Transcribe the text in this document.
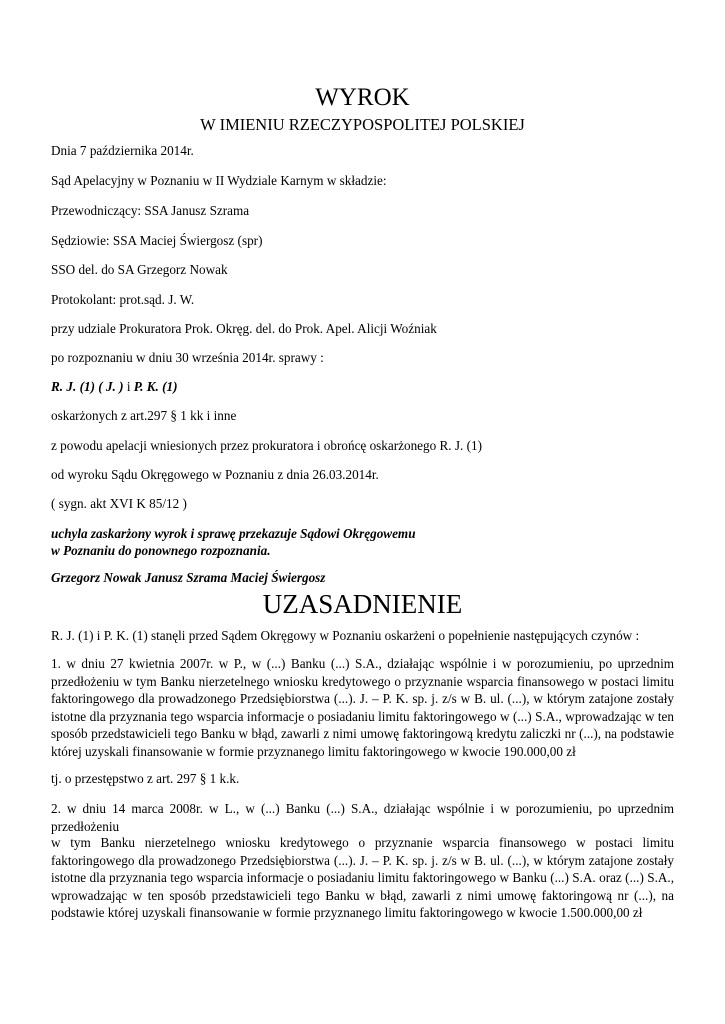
WYROK
W IMIENIU RZECZYPOSPOLITEJ POLSKIEJ
Dnia 7 października 2014r.
Sąd Apelacyjny w Poznaniu w II Wydziale Karnym w składzie:
Przewodniczący: SSA Janusz Szrama
Sędziowie: SSA Maciej Świergosz (spr)
SSO del. do SA Grzegorz Nowak
Protokolant: prot.sąd. J. W.
przy udziale Prokuratora Prok. Okręg. del. do Prok. Apel. Alicji Woźniak
po rozpoznaniu w dniu 30 września 2014r. sprawy :
R. J. (1) ( J. ) i P. K. (1)
oskarżonych z art.297 § 1 kk i inne
z powodu apelacji wniesionych przez prokuratora i obrońcę oskarżonego R. J. (1)
od wyroku Sądu Okręgowego w Poznaniu z dnia 26.03.2014r.
( sygn. akt XVI K 85/12 )
uchyla zaskarżony wyrok i sprawę przekazuje Sądowi Okręgowemu
w Poznaniu do ponownego rozpoznania.
Grzegorz Nowak Janusz Szrama Maciej Świergosz
UZASADNIENIE
R. J. (1) i P. K. (1) stanęli przed Sądem Okręgowy w Poznaniu oskarżeni o popełnienie następujących czynów :
1. w dniu 27 kwietnia 2007r. w P., w (...) Banku (...) S.A., działając wspólnie i w porozumieniu, po uprzednim przedłożeniu w tym Banku nierzetelnego wniosku kredytowego o przyznanie wsparcia finansowego w postaci limitu faktoringowego dla prowadzonego Przedsiębiorstwa (...). J. – P. K. sp. j. z/s w B. ul. (...), w którym zatajone zostały istotne dla przyznania tego wsparcia informacje o posiadaniu limitu faktoringowego w (...) S.A., wprowadzając w ten sposób przedstawicieli tego Banku w błąd, zawarli z nimi umowę faktoringową kredytu zaliczki nr (...), na podstawie której uzyskali finansowanie w formie przyznanego limitu faktoringowego w kwocie 190.000,00 zł
tj. o przestępstwo z art. 297 § 1 k.k.
2. w dniu 14 marca 2008r. w L., w (...) Banku (...) S.A., działając wspólnie i w porozumieniu, po uprzednim przedłożeniu
w tym Banku nierzetelnego wniosku kredytowego o przyznanie wsparcia finansowego w postaci limitu faktoringowego dla prowadzonego Przedsiębiorstwa (...). J. – P. K. sp. j. z/s w B. ul. (...), w którym zatajone zostały istotne dla przyznania tego wsparcia informacje o posiadaniu limitu faktoringowego w Banku (...) S.A. oraz (...) S.A., wprowadzając w ten sposób przedstawicieli tego Banku w błąd, zawarli z nimi umowę faktoringową nr (...), na podstawie której uzyskali finansowanie w formie przyznanego limitu faktoringowego w kwocie 1.500.000,00 zł
